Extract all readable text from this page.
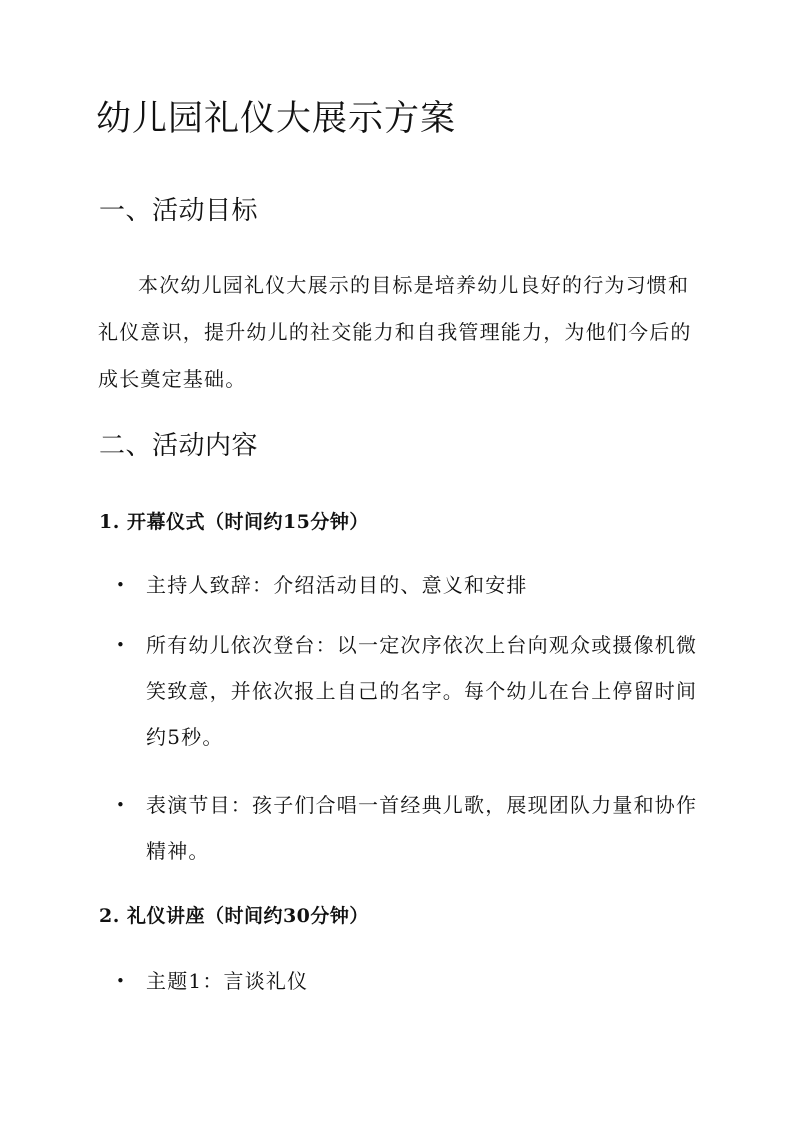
幼儿园礼仪大展示方案
一、活动目标
本次幼儿园礼仪大展示的目标是培养幼儿良好的行为习惯和礼仪意识，提升幼儿的社交能力和自我管理能力，为他们今后的成长奠定基础。
二、活动内容
1. 开幕仪式（时间约15分钟）
• 主持人致辞：介绍活动目的、意义和安排
• 所有幼儿依次登台：以一定次序依次上台向观众或摄像机微笑致意，并依次报上自己的名字。每个幼儿在台上停留时间约5秒。
• 表演节目：孩子们合唱一首经典儿歌，展现团队力量和协作精神。
2. 礼仪讲座（时间约30分钟）
• 主题1：言谈礼仪
